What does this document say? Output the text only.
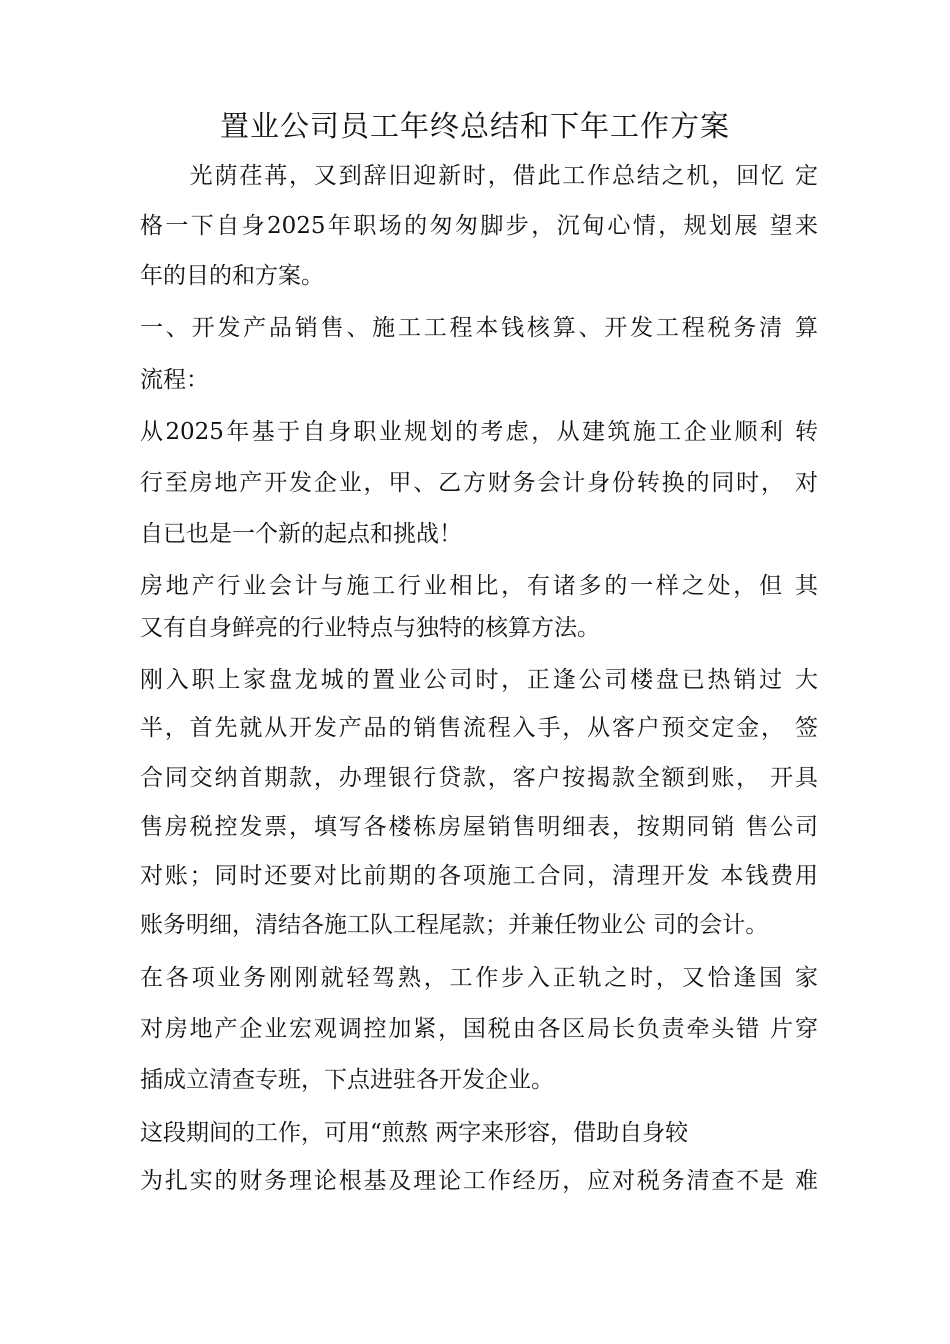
置业公司员工年终总结和下年工作方案
　　光荫荏苒，又到辞旧迎新时，借此工作总结之机，回忆 定
格一下自身2025年职场的匆匆脚步，沉甸心情，规划展 望来
年的目的和方案。
一、开发产品销售、施工工程本钱核算、开发工程税务清 算
流程：
从2025年基于自身职业规划的考虑，从建筑施工企业顺利 转
行至房地产开发企业，甲、乙方财务会计身份转换的同时， 对
自已也是一个新的起点和挑战！
房地产行业会计与施工行业相比，有诸多的一样之处，但 其
又有自身鲜亮的行业特点与独特的核算方法。
刚入职上家盘龙城的置业公司时，正逢公司楼盘已热销过 大
半，首先就从开发产品的销售流程入手，从客户预交定金， 签
合同交纳首期款，办理银行贷款，客户按揭款全额到账， 开具
售房税控发票，填写各楼栋房屋销售明细表，按期同销 售公司
对账；同时还要对比前期的各项施工合同，清理开发 本钱费用
账务明细，清结各施工队工程尾款；并兼任物业公 司的会计。
在各项业务刚刚就轻驾熟，工作步入正轨之时，又恰逢国 家
对房地产企业宏观调控加紧，国税由各区局长负责牵头错 片穿
插成立清查专班，下点进驻各开发企业。
这段期间的工作，可用“煎熬 两字来形容，借助自身较
为扎实的财务理论根基及理论工作经历，应对税务清查不是 难
